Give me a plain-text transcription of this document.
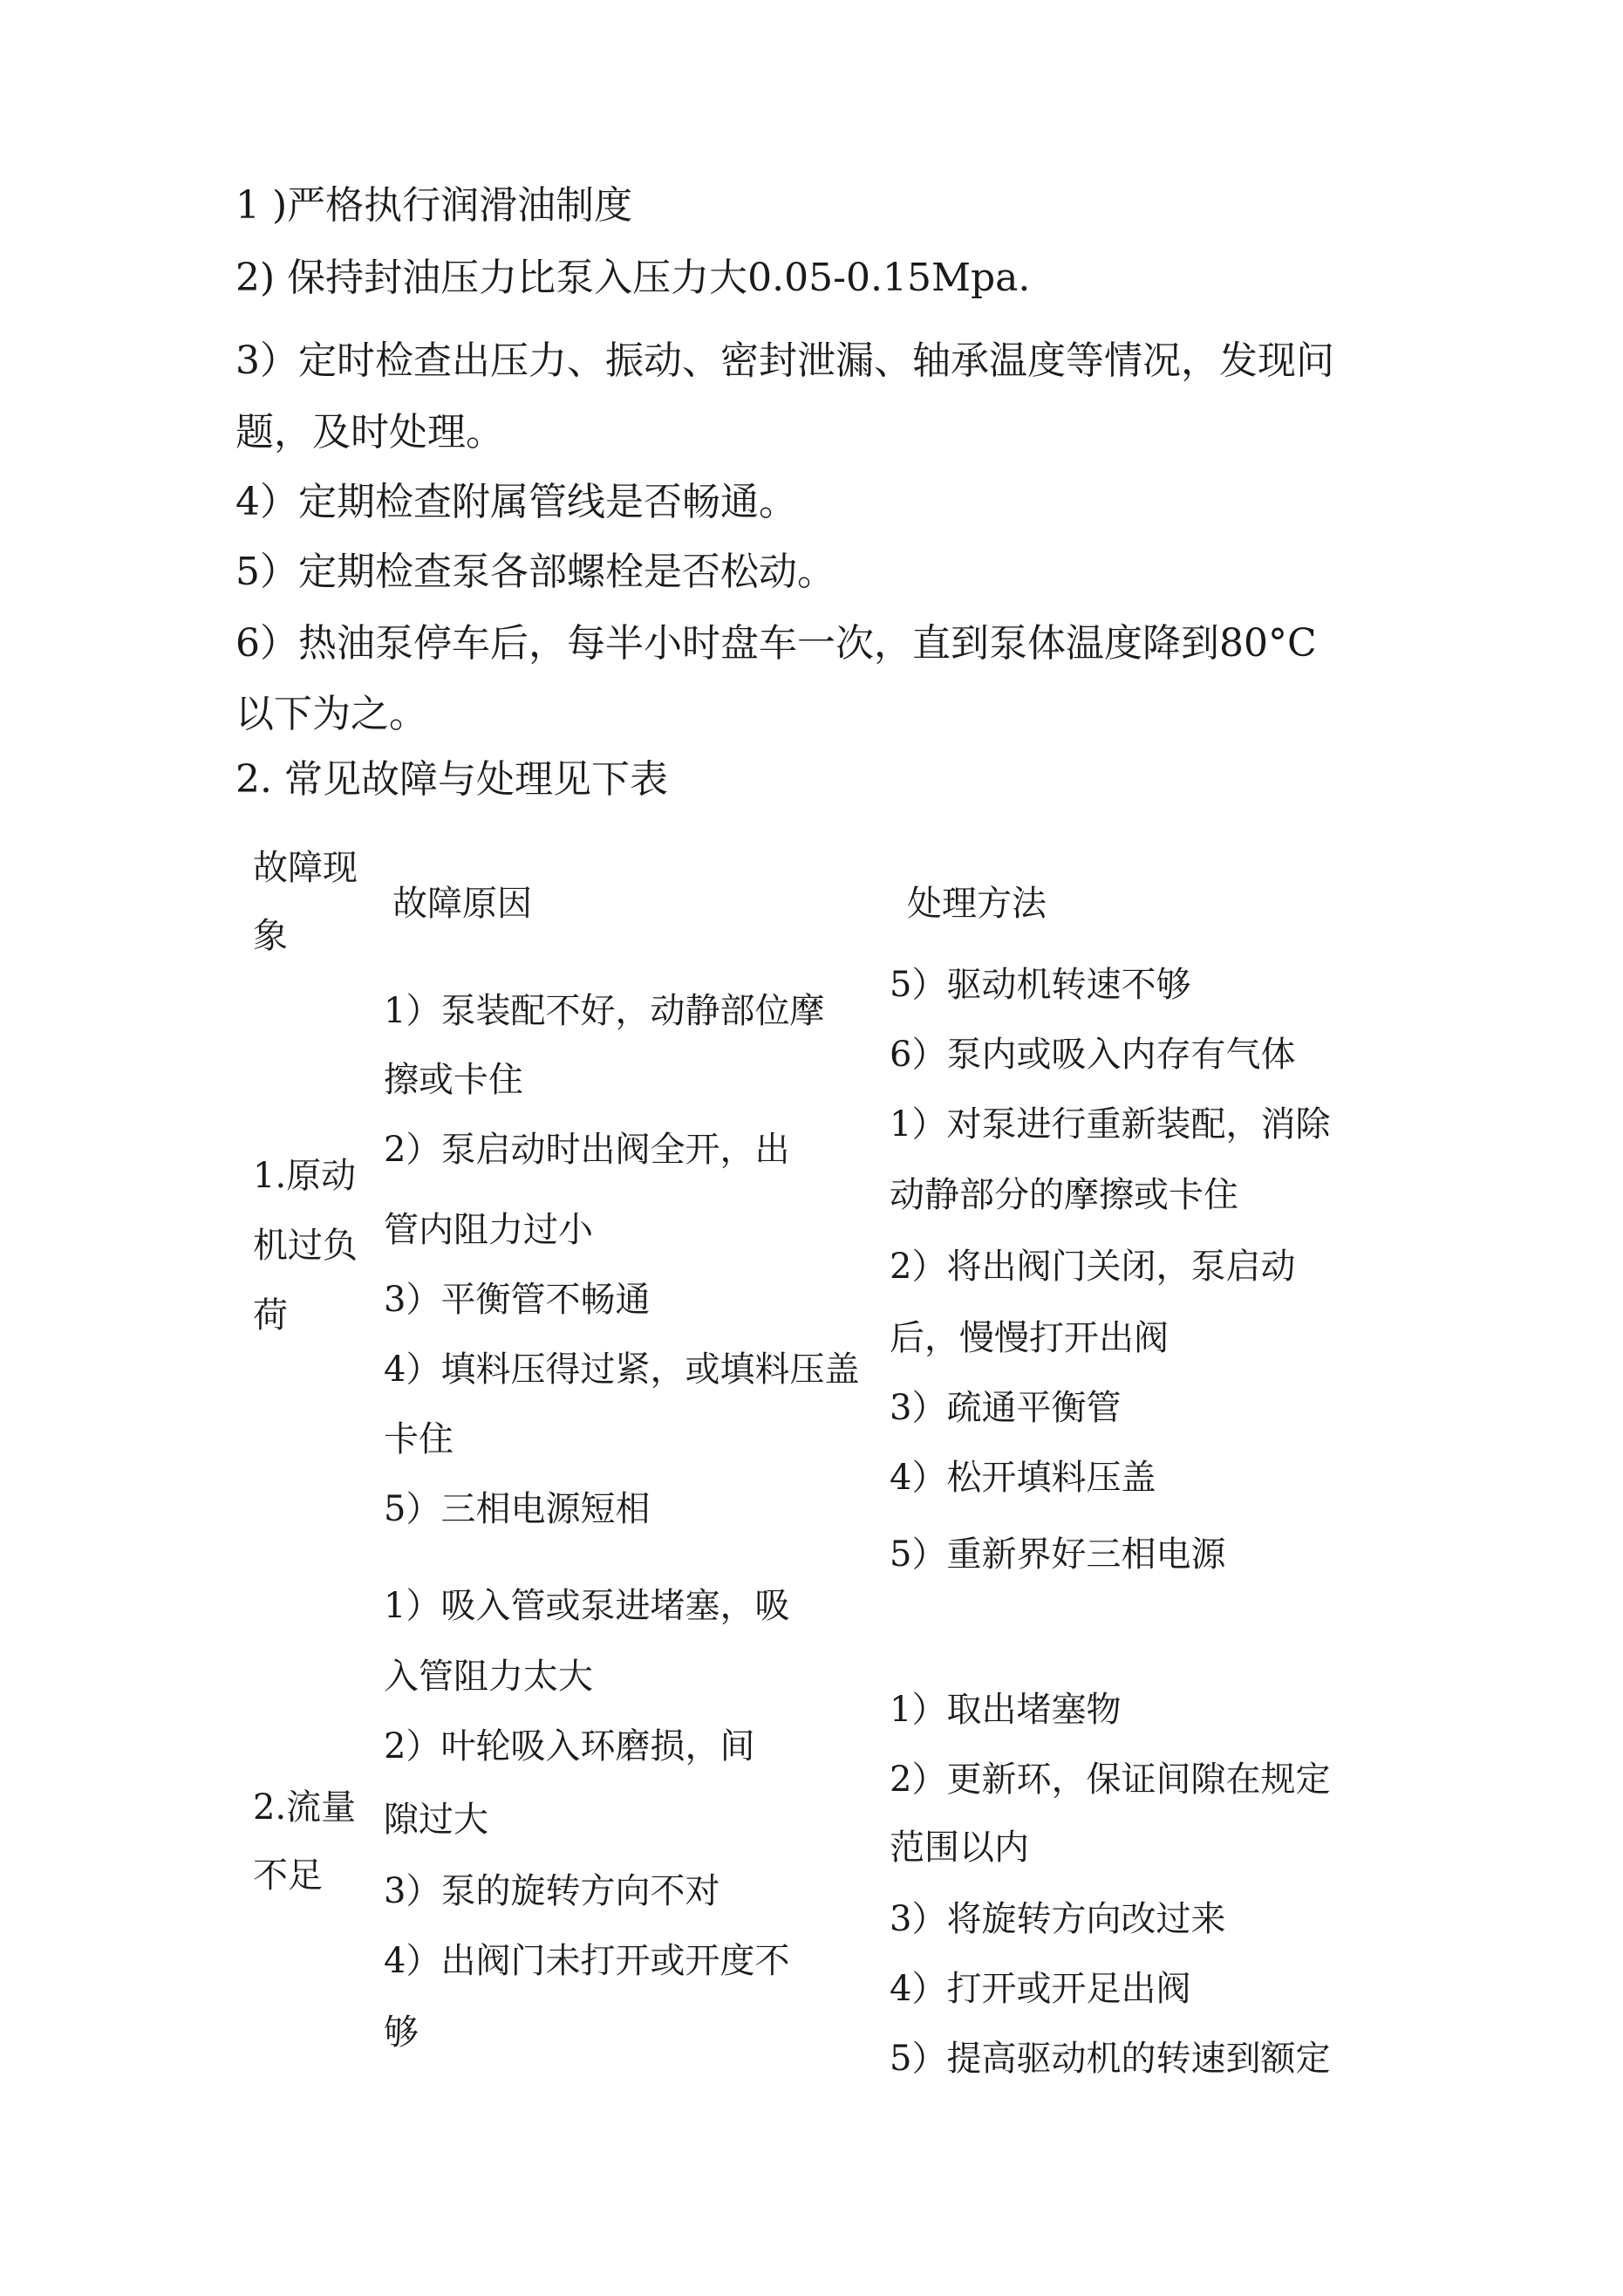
1 )严格执行润滑油制度
2) 保持封油压力比泵入压力大0.05-0.15Mpa.
3）定时检查出压力、振动、密封泄漏、轴承温度等情况，发现问
题，及时处理。
4）定期检查附属管线是否畅通。
5）定期检查泵各部螺栓是否松动。
6）热油泵停车后，每半小时盘车一次，直到泵体温度降到80°C
以下为之。
2. 常见故障与处理见下表
故障现
象
故障原因	处理方法
1.原动
机过负
荷
1）泵装配不好，动静部位摩
擦或卡住
2）泵启动时出阀全开，出
管内阻力过小
3）平衡管不畅通
4）填料压得过紧，或填料压盖
卡住
5）三相电源短相
5）驱动机转速不够
6）泵内或吸入内存有气体
1）对泵进行重新装配，消除
动静部分的摩擦或卡住
2）将出阀门关闭，泵启动
后，慢慢打开出阀
3）疏通平衡管
4）松开填料压盖
5）重新界好三相电源
2.流量
不足
1）吸入管或泵进堵塞，吸
入管阻力太大
2）叶轮吸入环磨损，间
隙过大
3）泵的旋转方向不对
4）出阀门未打开或开度不
够
1）取出堵塞物
2）更新环，保证间隙在规定
范围以内
3）将旋转方向改过来
4）打开或开足出阀
5）提高驱动机的转速到额定
